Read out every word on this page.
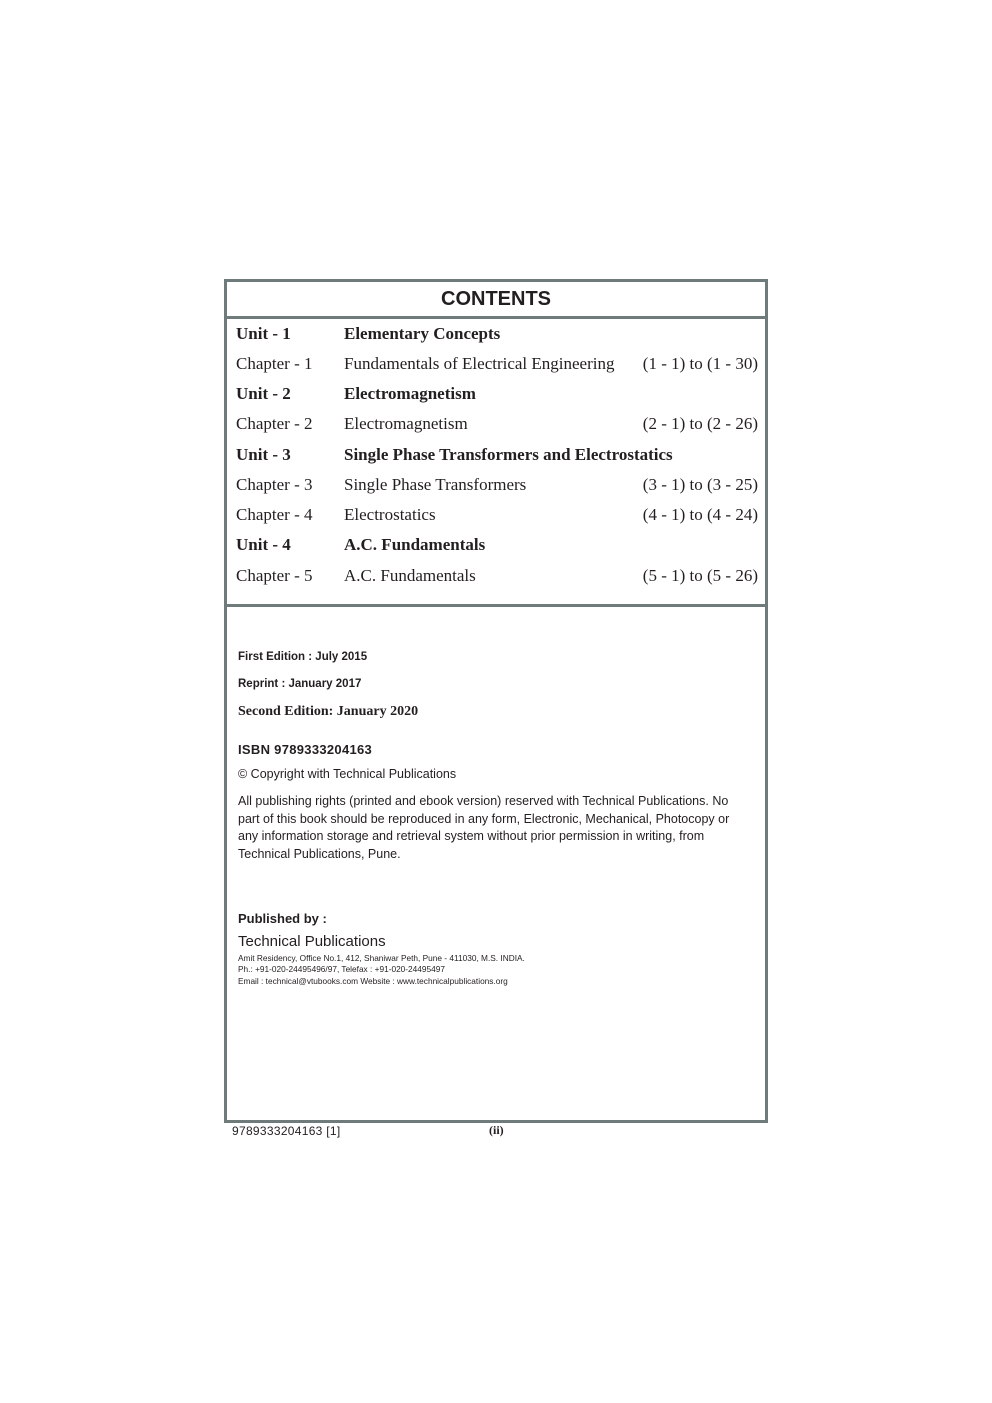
CONTENTS
Unit - 1	Elementary Concepts
Chapter - 1 Fundamentals of Electrical Engineering (1 - 1) to (1 - 30)
Unit - 2	Electromagnetism
Chapter - 2 Electromagnetism	(2 - 1) to (2 - 26)
Unit - 3	Single Phase Transformers and Electrostatics
Chapter - 3 Single Phase Transformers	(3 - 1) to (3 - 25)
Chapter - 4 Electrostatics	(4 - 1) to (4 - 24)
Unit - 4	A.C. Fundamentals
Chapter - 5 A.C. Fundamentals	(5 - 1) to (5 - 26)
First Edition : July 2015
Reprint : January 2017
Second Edition: January 2020
ISBN 9789333204163
© Copyright with Technical Publications
All publishing rights (printed and ebook version) reserved with Technical Publications. No part of this book should be reproduced in any form, Electronic, Mechanical, Photocopy or any information storage and retrieval system without prior permission in writing, from Technical Publications, Pune.
Published by :
Technical Publications
Amit Residency, Office No.1, 412, Shaniwar Peth, Pune - 411030, M.S. INDIA.
Ph.: +91-020-24495496/97, Telefax : +91-020-24495497
Email : technical@vtubooks.com Website : www.technicalpublications.org
9789333204163 [1]	(ii)
